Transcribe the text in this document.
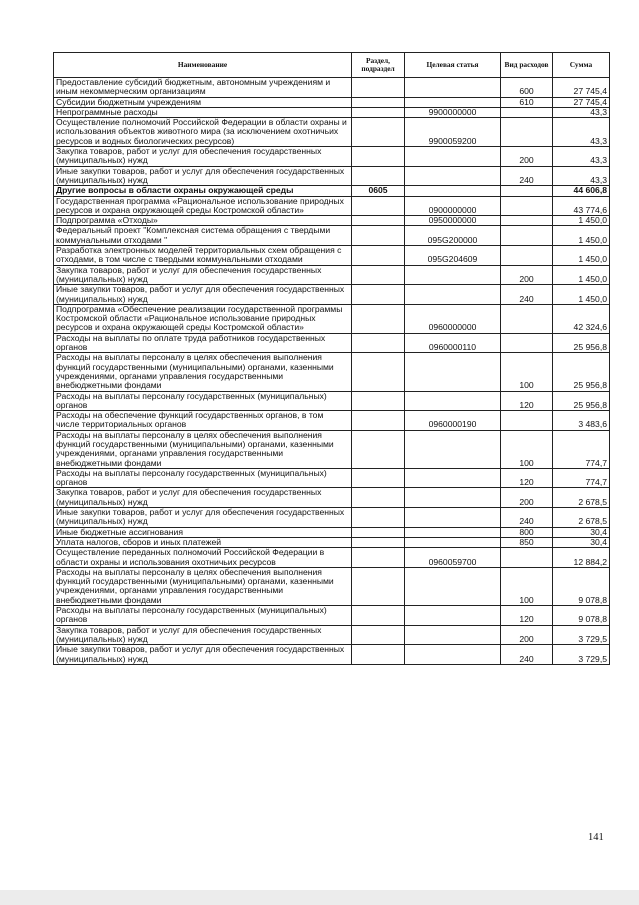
Наименование	Раздел, подраздел	Целевая статья	Вид расходов	Сумма
Предоставление субсидий бюджетным, автономным учреждениям и иным некоммерческим организациям			600	27 745,4
Субсидии бюджетным учреждениям			610	27 745,4
Непрограммные расходы		9900000000		43,3
Осуществление полномочий Российской Федерации в области охраны и использования объектов животного мира (за исключением охотничьих ресурсов и водных биологических ресурсов)		9900059200		43,3
Закупка товаров, работ и услуг для обеспечения государственных (муниципальных) нужд			200	43,3
Иные закупки товаров, работ и услуг для обеспечения государственных (муниципальных) нужд			240	43,3
Другие вопросы в области охраны окружающей среды	0605			44 606,8
Государственная программа «Рациональное использование природных ресурсов и охрана окружающей среды Костромской области»		0900000000		43 774,6
Подпрограмма «Отходы»		0950000000		1 450,0
Федеральный проект "Комплексная система обращения с твердыми коммунальными отходами "		095G200000		1 450,0
Разработка электронных моделей территориальных схем обращения с отходами, в том числе с твердыми коммунальными отходами		095G204609		1 450,0
Закупка товаров, работ и услуг для обеспечения государственных (муниципальных) нужд			200	1 450,0
Иные закупки товаров, работ и услуг для обеспечения государственных (муниципальных) нужд			240	1 450,0
Подпрограмма «Обеспечение реализации государственной программы Костромской области «Рациональное использование природных ресурсов и охрана окружающей среды Костромской области»		0960000000		42 324,6
Расходы на выплаты по оплате труда работников государственных органов		0960000110		25 956,8
Расходы на выплаты персоналу в целях обеспечения выполнения функций государственными (муниципальными) органами, казенными учреждениями, органами управления государственными внебюджетными фондами			100	25 956,8
Расходы на выплаты персоналу государственных (муниципальных) органов			120	25 956,8
Расходы на обеспечение функций государственных органов, в том числе территориальных органов		0960000190		3 483,6
Расходы на выплаты персоналу в целях обеспечения выполнения функций государственными (муниципальными) органами, казенными учреждениями, органами управления государственными внебюджетными фондами			100	774,7
Расходы на выплаты персоналу государственных (муниципальных) органов			120	774,7
Закупка товаров, работ и услуг для обеспечения государственных (муниципальных) нужд			200	2 678,5
Иные закупки товаров, работ и услуг для обеспечения государственных (муниципальных) нужд			240	2 678,5
Иные бюджетные ассигнования			800	30,4
Уплата налогов, сборов и иных платежей			850	30,4
Осуществление переданных полномочий Российской Федерации в области охраны и использования охотничьих ресурсов		0960059700		12 884,2
Расходы на выплаты персоналу в целях обеспечения выполнения функций государственными (муниципальными) органами, казенными учреждениями, органами управления государственными внебюджетными фондами			100	9 078,8
Расходы на выплаты персоналу государственных (муниципальных) органов			120	9 078,8
Закупка товаров, работ и услуг для обеспечения государственных (муниципальных) нужд			200	3 729,5
Иные закупки товаров, работ и услуг для обеспечения государственных (муниципальных) нужд			240	3 729,5
141
